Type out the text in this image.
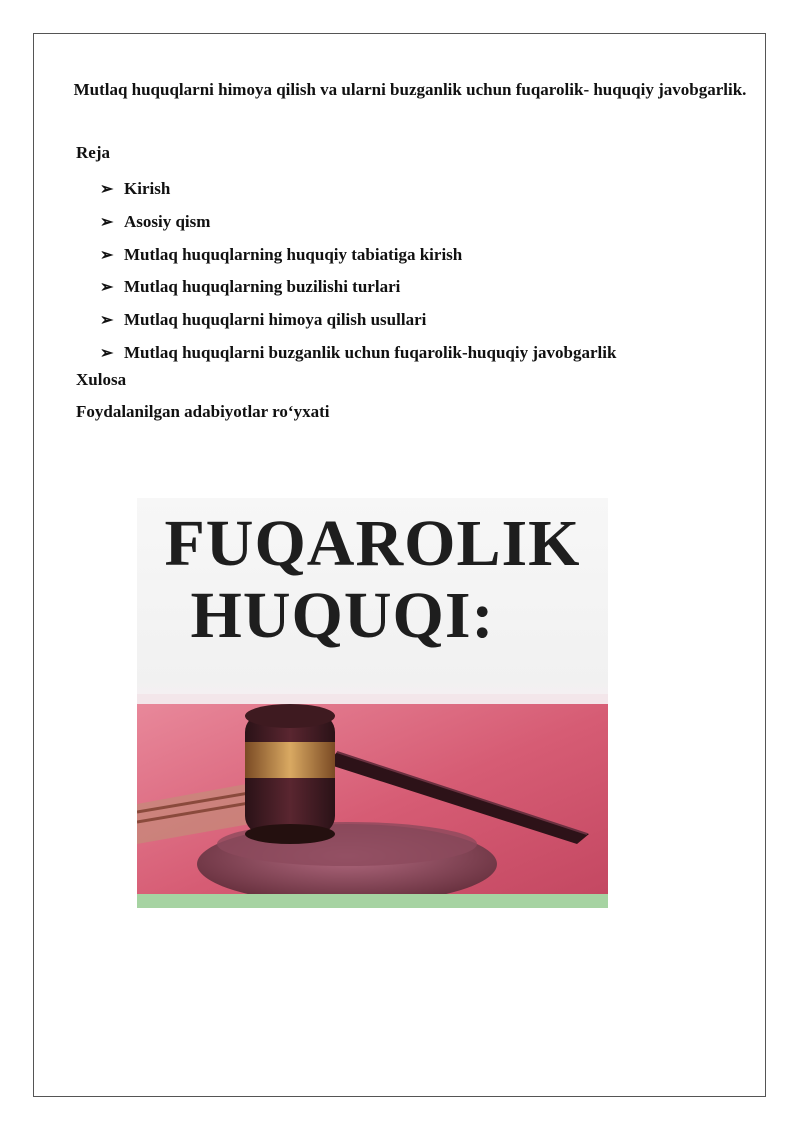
Mutlaq huquqlarni himoya qilish va ularni buzganlik uchun fuqarolik- huquqiy javobgarlik.
Reja
➢ Kirish
➢ Asosiy qism
➢ Mutlaq huquqlarning huquqiy tabiatiga kirish
➢ Mutlaq huquqlarning buzilishi turlari
➢ Mutlaq huquqlarni himoya qilish usullari
➢ Mutlaq huquqlarni buzganlik uchun fuqarolik-huquqiy javobgarlik
Xulosa
Foydalanilgan adabiyotlar ro‘yxati
FUQAROLIK
HUQUQI:
